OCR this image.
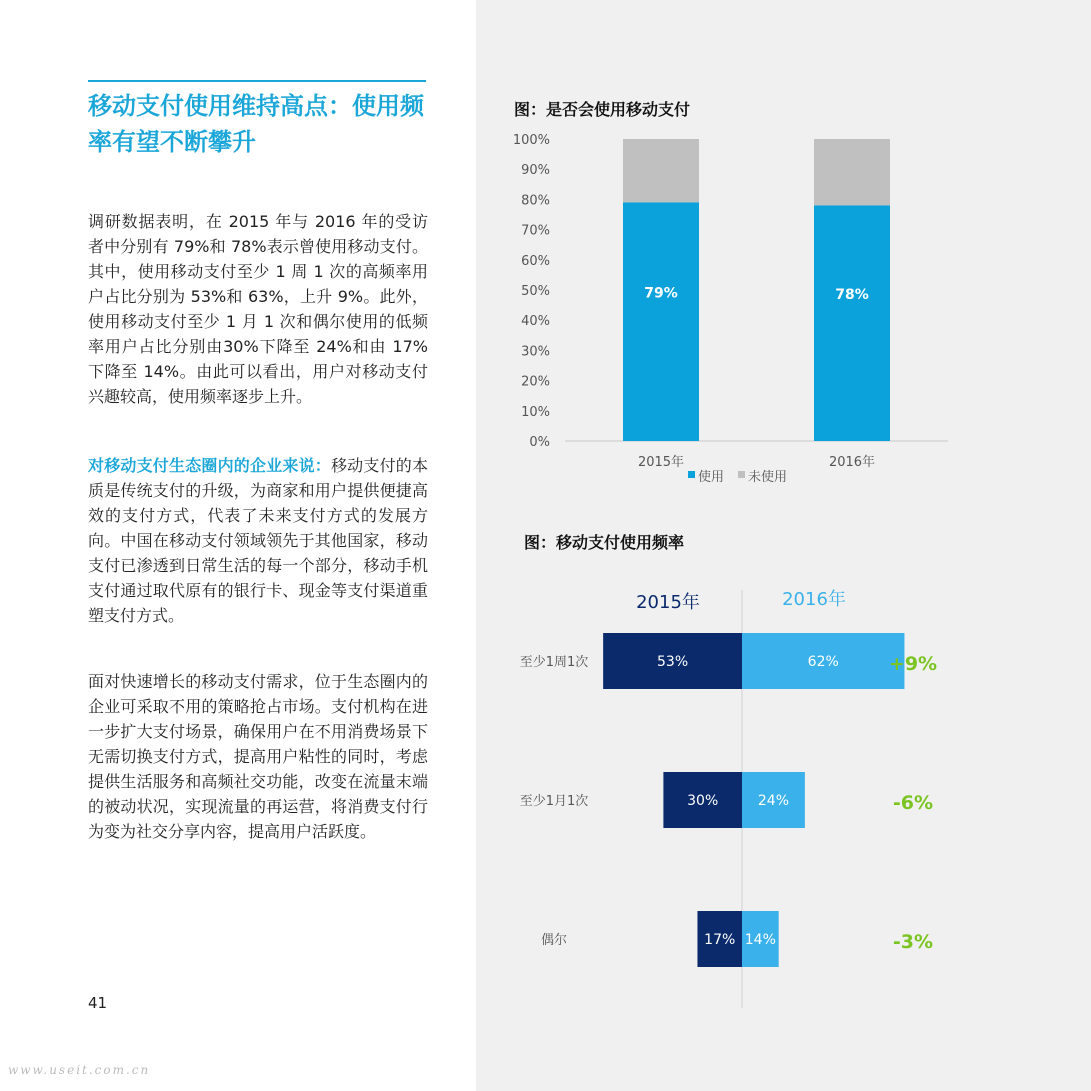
移动支付使用维持高点：使用频率有望不断攀升

调研数据表明，在 2015 年与 2016 年的受访者中分别有 79%和 78%表示曾使用移动支付。其中，使用移动支付至少 1 周 1 次的高频率用户占比分别为 53%和 63%，上升 9%。此外，使用移动支付至少 1 月 1 次和偶尔使用的低频率用户占比分别由30%下降至 24%和由 17%下降至 14%。由此可以看出，用户对移动支付兴趣较高，使用频率逐步上升。

对移动支付生态圈内的企业来说：移动支付的本质是传统支付的升级，为商家和用户提供便捷高效的支付方式，代表了未来支付方式的发展方向。中国在移动支付领域领先于其他国家，移动支付已渗透到日常生活的每一个部分，移动手机支付通过取代原有的银行卡、现金等支付渠道重塑支付方式。

面对快速增长的移动支付需求，位于生态圈内的企业可采取不用的策略抢占市场。支付机构在进一步扩大支付场景，确保用户在不用消费场景下无需切换支付方式，提高用户粘性的同时，考虑提供生活服务和高频社交功能，改变在流量末端的被动状况，实现流量的再运营，将消费支付行为变为社交分享内容，提高用户活跃度。

41
www.useit.com.cn
图：是否会使用移动支付
图：移动支付使用频率
0%
10%
20%
30%
40%
50%
60%
70%
80%
90%
100%
79%
2015年
78%
2016年
使用 未使用
2015年	2016年
至少1周1次	53%	62%	+9%
至少1月1次	30%	24%	-6%
偶尔	17% 14%	-3%
